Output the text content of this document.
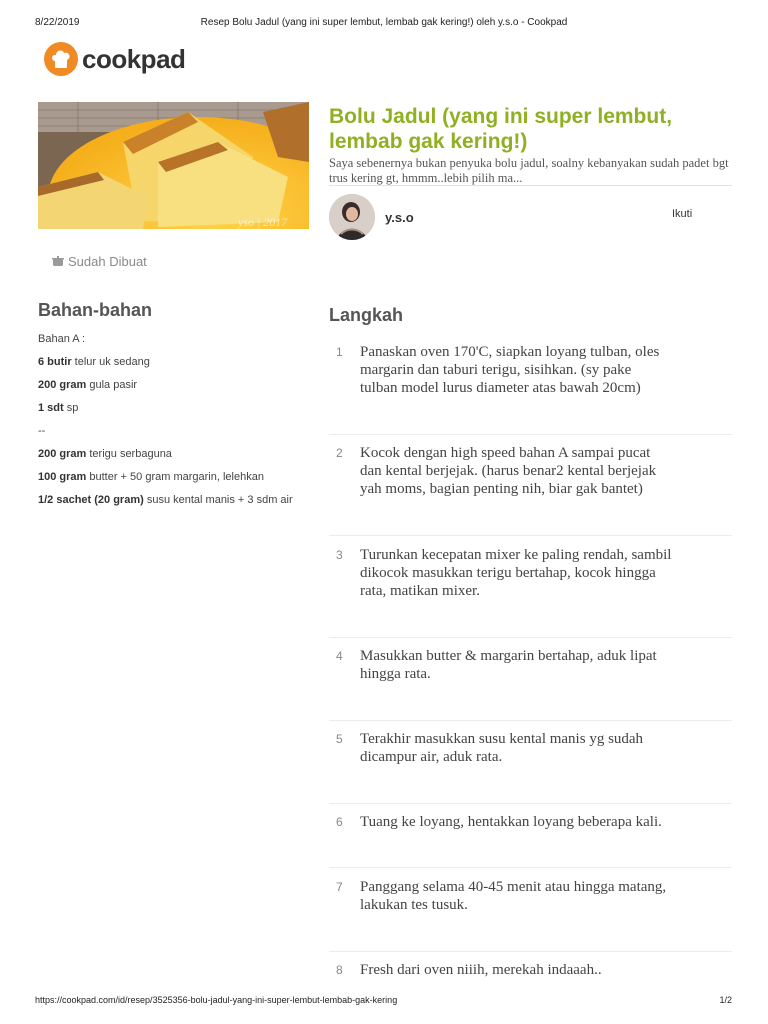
8/22/2019	Resep Bolu Jadul (yang ini super lembut, lembab gak kering!) oleh y.s.o - Cookpad
cookpad
yso | 2017
Sudah Dibuat
Bolu Jadul (yang ini super lembut, lembab gak kering!)
Saya sebenernya bukan penyuka bolu jadul, soalny kebanyakan sudah padet bgt trus kering gt, hmmm..lebih pilih ma...
y.s.o	Ikuti
Bahan-bahan
Bahan A :
6 butir telur uk sedang
200 gram gula pasir
1 sdt sp
--
200 gram terigu serbaguna
100 gram butter + 50 gram margarin, lelehkan
1/2 sachet (20 gram) susu kental manis + 3 sdm air
Langkah
1 Panaskan oven 170'C, siapkan loyang tulban, oles
margarin dan taburi terigu, sisihkan. (sy pake
tulban model lurus diameter atas bawah 20cm)
2 Kocok dengan high speed bahan A sampai pucat
dan kental berjejak. (harus benar2 kental berjejak
yah moms, bagian penting nih, biar gak bantet)
3 Turunkan kecepatan mixer ke paling rendah, sambil
dikocok masukkan terigu bertahap, kocok hingga
rata, matikan mixer.
4 Masukkan butter & margarin bertahap, aduk lipat
hingga rata.
5 Terakhir masukkan susu kental manis yg sudah
dicampur air, aduk rata.
6 Tuang ke loyang, hentakkan loyang beberapa kali.
7 Panggang selama 40-45 menit atau hingga matang,
lakukan tes tusuk.
8 Fresh dari oven niiih, merekah indaaah..
https://cookpad.com/id/resep/3525356-bolu-jadul-yang-ini-super-lembut-lembab-gak-kering	1/2
